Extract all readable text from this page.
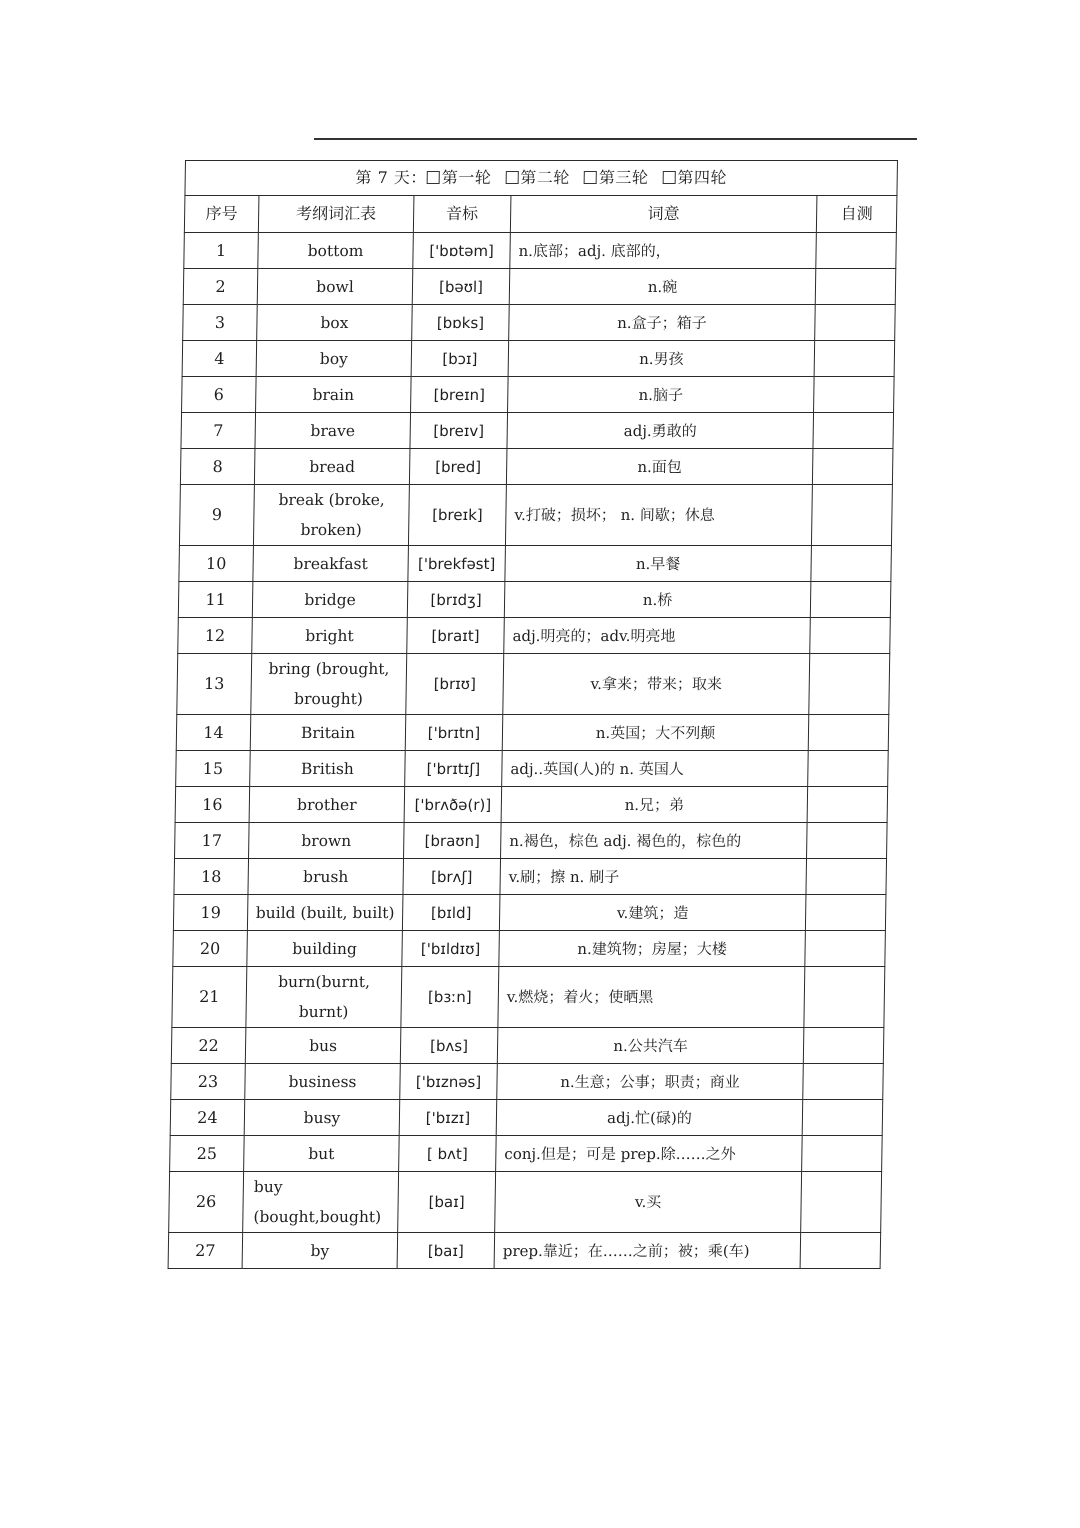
第 7 天： 第一轮 第二轮 第三轮 第四轮				
序号	考纲词汇表	音标	词意	自测
1	bottom	['bɒtəm]	n.底部；adj. 底部的，	
2	bowl	[bəʊl]	n.碗	
3	box	[bɒks]	n.盒子；箱子	
4	boy	[bɔɪ]	n.男孩	
6	brain	[breɪn]	n.脑子	
7	brave	[breɪv]	adj.勇敢的	
8	bread	[bred]	n.面包	
9	break (broke, broken)	[breɪk]	v.打破；损坏； n. 间歇；休息	
10	breakfast	['brekfəst]	n.早餐	
11	bridge	[brɪdʒ]	n.桥	
12	bright	[braɪt]	adj.明亮的；adv.明亮地	
13	bring (brought, brought)	[brɪʊ]	v.拿来；带来；取来	
14	Britain	['brɪtn]	n.英国；大不列颠	
15	British	['brɪtɪʃ]	adj..英国(人)的 n. 英国人	
16	brother	['brʌðə(r)]	n.兄；弟	
17	brown	[braʊn]	n.褐色，棕色 adj. 褐色的，棕色的	
18	brush	[brʌʃ]	v.刷；擦 n. 刷子	
19	build (built, built)	[bɪld]	v.建筑；造	
20	building	['bɪldɪʊ]	n.建筑物；房屋；大楼	
21	burn(burnt, burnt)	[bɜːn]	v.燃烧；着火；使晒黑	
22	bus	[bʌs]	n.公共汽车	
23	business	['bɪznəs]	n.生意；公事；职责；商业	
24	busy	['bɪzɪ]	adj.忙(碌)的	
25	but	[ bʌt]	conj.但是；可是 prep.除……之外	
26	buy (bought,bought)	[baɪ]	v.买	
27	by	[baɪ]	prep.靠近；在……之前；被；乘(车)	
